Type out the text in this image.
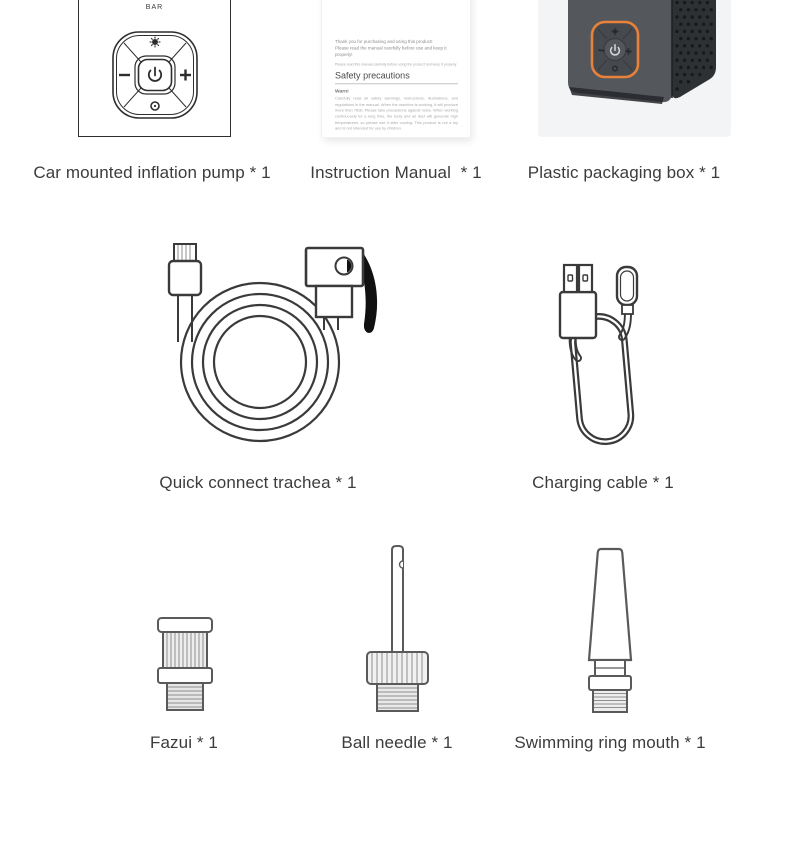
BAR
Thank you for purchasing and using this product!
Please read the manual carefully before use and keep it properly!
Please read this manual carefully before using the product and keep it properly
Safety precautions
Warn!
Carefully read all safety warnings, instructions, illustrations, and regulations in the manual. When the machine is working, it will produce more than 75db. Please take precautions against noise. When working continuously for a long time, the body and air duct will generate high temperatures, so please use it after cooling. This product is not a toy and is not intended for use by children.
Car mounted inflation pump * 1 Instruction Manual  * 1	Plastic packaging box * 1
Quick connect trachea * 1	Charging cable * 1
Fazui * 1	Ball needle * 1	Swimming ring mouth * 1
